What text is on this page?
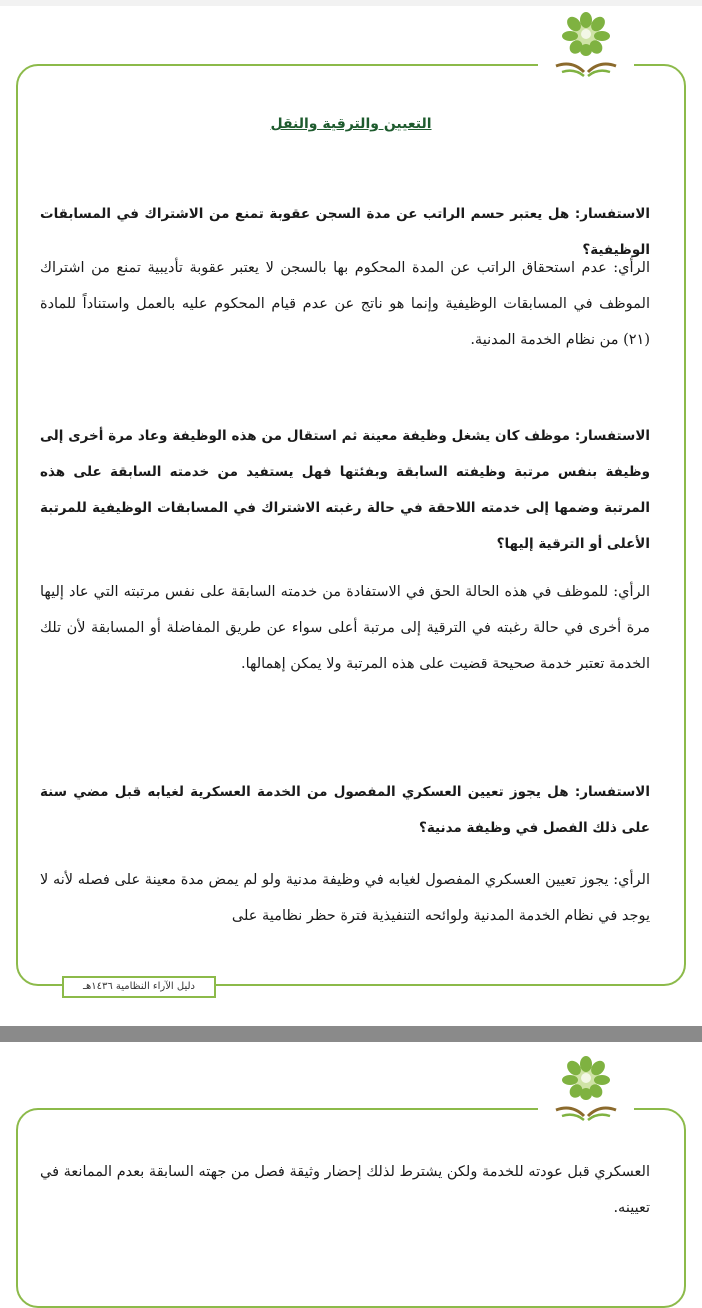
التعيين والترقية والنقل

الاستفسار: هل يعتبر حسم الراتب عن مدة السجن عقوبة تمنع من الاشتراك في المسابقات الوظيفية؟

الرأي: عدم استحقاق الراتب عن المدة المحكوم بها بالسجن لا يعتبر عقوبة تأديبية تمنع من اشتراك الموظف في المسابقات الوظيفية وإنما هو ناتج عن عدم قيام المحكوم عليه بالعمل واستناداً للمادة (٢١) من نظام الخدمة المدنية.

الاستفسار: موظف كان يشغل وظيفة معينة ثم استقال من هذه الوظيفة وعاد مرة أخرى إلى وظيفة بنفس مرتبة وظيفته السابقة وبفئتها فهل يستفيد من خدمته السابقة على هذه المرتبة وضمها إلى خدمته اللاحقة في حالة رغبته الاشتراك في المسابقات الوظيفية للمرتبة الأعلى أو الترقية إليها؟

الرأي: للموظف في هذه الحالة الحق في الاستفادة من خدمته السابقة على نفس مرتبته التي عاد إليها مرة أخرى في حالة رغبته في الترقية إلى مرتبة أعلى سواء عن طريق المفاضلة أو المسابقة لأن تلك الخدمة تعتبر خدمة صحيحة قضيت على هذه المرتبة ولا يمكن إهمالها.

الاستفسار: هل يجوز تعيين العسكري المفصول من الخدمة العسكرية لغيابه قبل مضي سنة على ذلك الفصل في وظيفة مدنية؟

الرأي: يجوز تعيين العسكري المفصول لغيابه في وظيفة مدنية ولو لم يمض مدة معينة على فصله لأنه لا يوجد في نظام الخدمة المدنية ولوائحه التنفيذية فترة حظر نظامية على

دليل الآراء النظامية ١٤٣٦هـ

العسكري قبل عودته للخدمة ولكن يشترط لذلك إحضار وثيقة فصل من جهته السابقة بعدم الممانعة في تعيينه.
